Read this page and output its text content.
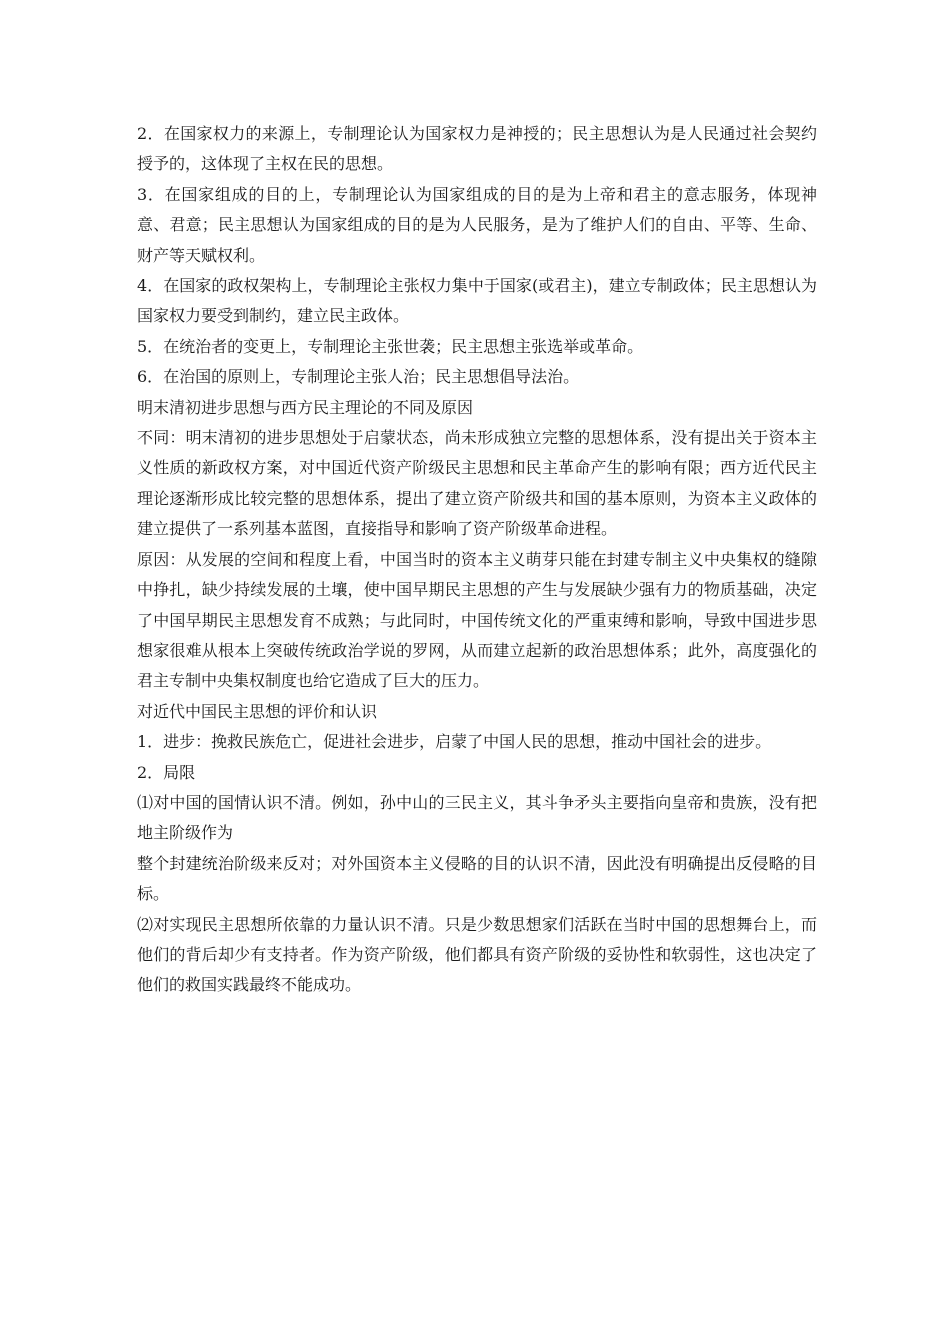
2．在国家权力的来源上，专制理论认为国家权力是神授的；民主思想认为是人民通过社会契约授予的，这体现了主权在民的思想。

3．在国家组成的目的上，专制理论认为国家组成的目的是为上帝和君主的意志服务，体现神意、君意；民主思想认为国家组成的目的是为人民服务，是为了维护人们的自由、平等、生命、财产等天赋权利。

4．在国家的政权架构上，专制理论主张权力集中于国家(或君主)，建立专制政体；民主思想认为国家权力要受到制约，建立民主政体。

5．在统治者的变更上，专制理论主张世袭；民主思想主张选举或革命。

6．在治国的原则上，专制理论主张人治；民主思想倡导法治。

明末清初进步思想与西方民主理论的不同及原因

不同：明末清初的进步思想处于启蒙状态，尚未形成独立完整的思想体系，没有提出关于资本主义性质的新政权方案，对中国近代资产阶级民主思想和民主革命产生的影响有限；西方近代民主理论逐渐形成比较完整的思想体系，提出了建立资产阶级共和国的基本原则，为资本主义政体的建立提供了一系列基本蓝图，直接指导和影响了资产阶级革命进程。

原因：从发展的空间和程度上看，中国当时的资本主义萌芽只能在封建专制主义中央集权的缝隙中挣扎，缺少持续发展的土壤，使中国早期民主思想的产生与发展缺少强有力的物质基础，决定了中国早期民主思想发育不成熟；与此同时，中国传统文化的严重束缚和影响，导致中国进步思想家很难从根本上突破传统政治学说的罗网，从而建立起新的政治思想体系；此外，高度强化的君主专制中央集权制度也给它造成了巨大的压力。

对近代中国民主思想的评价和认识

1．进步：挽救民族危亡，促进社会进步，启蒙了中国人民的思想，推动中国社会的进步。

2．局限

⑴对中国的国情认识不清。例如，孙中山的三民主义，其斗争矛头主要指向皇帝和贵族，没有把地主阶级作为

整个封建统治阶级来反对；对外国资本主义侵略的目的认识不清，因此没有明确提出反侵略的目标。

⑵对实现民主思想所依靠的力量认识不清。只是少数思想家们活跃在当时中国的思想舞台上，而他们的背后却少有支持者。作为资产阶级，他们都具有资产阶级的妥协性和软弱性，这也决定了他们的救国实践最终不能成功。
